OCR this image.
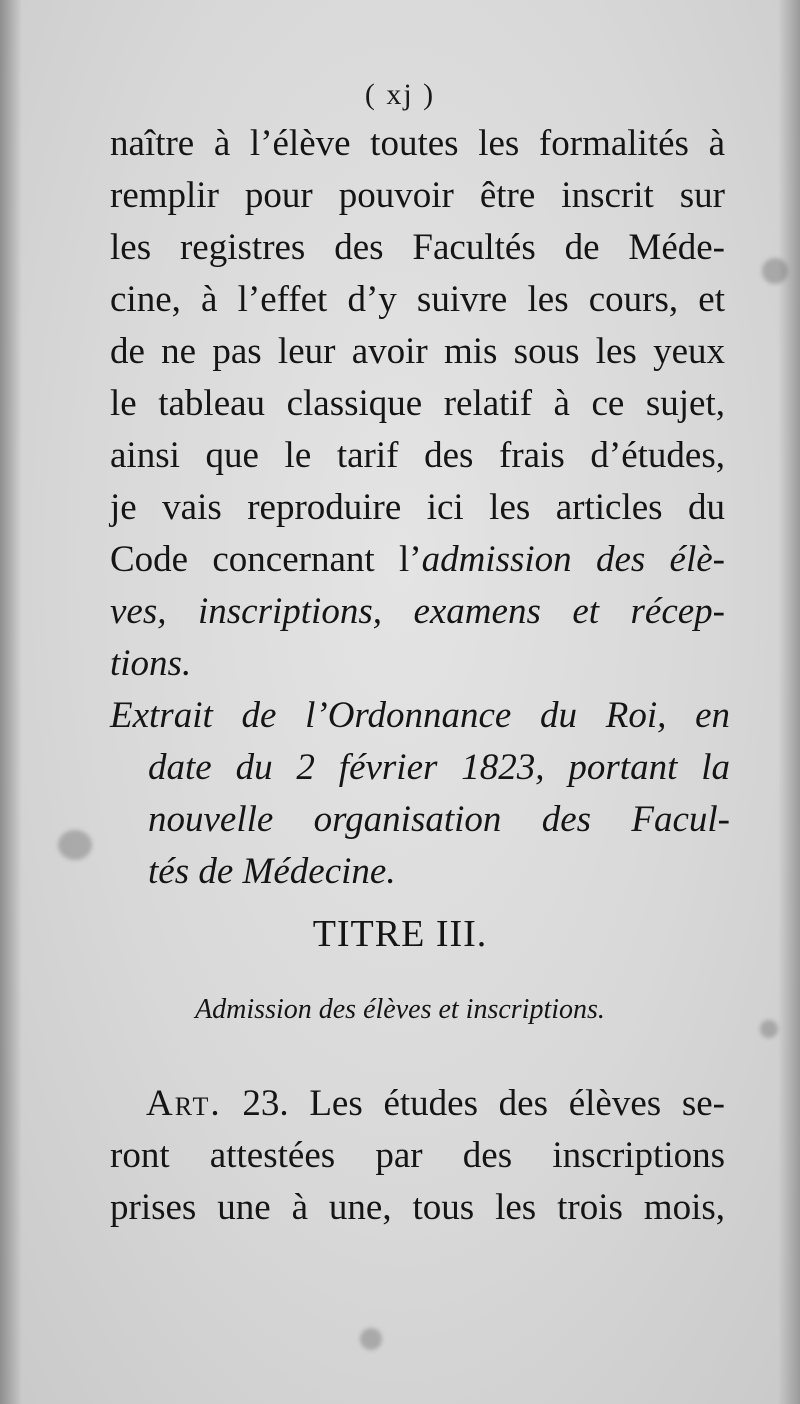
( xj )
naître à l’élève toutes les formalités à
remplir pour pouvoir être inscrit sur
les registres des Facultés de Méde-
cine, à l’effet d’y suivre les cours, et
de ne pas leur avoir mis sous les yeux
le tableau classique relatif à ce sujet,
ainsi que le tarif des frais d’études,
je vais reproduire ici les articles du
Code concernant l’admission des élè-
ves, inscriptions, examens et récep-
tions.
Extrait de l’Ordonnance du Roi, en
date du 2 février 1823, portant la
nouvelle organisation des Facul-
tés de Médecine.
TITRE III.
Admission des élèves et inscriptions.
Art. 23. Les études des élèves se-
ront attestées par des inscriptions
prises une à une, tous les trois mois,
